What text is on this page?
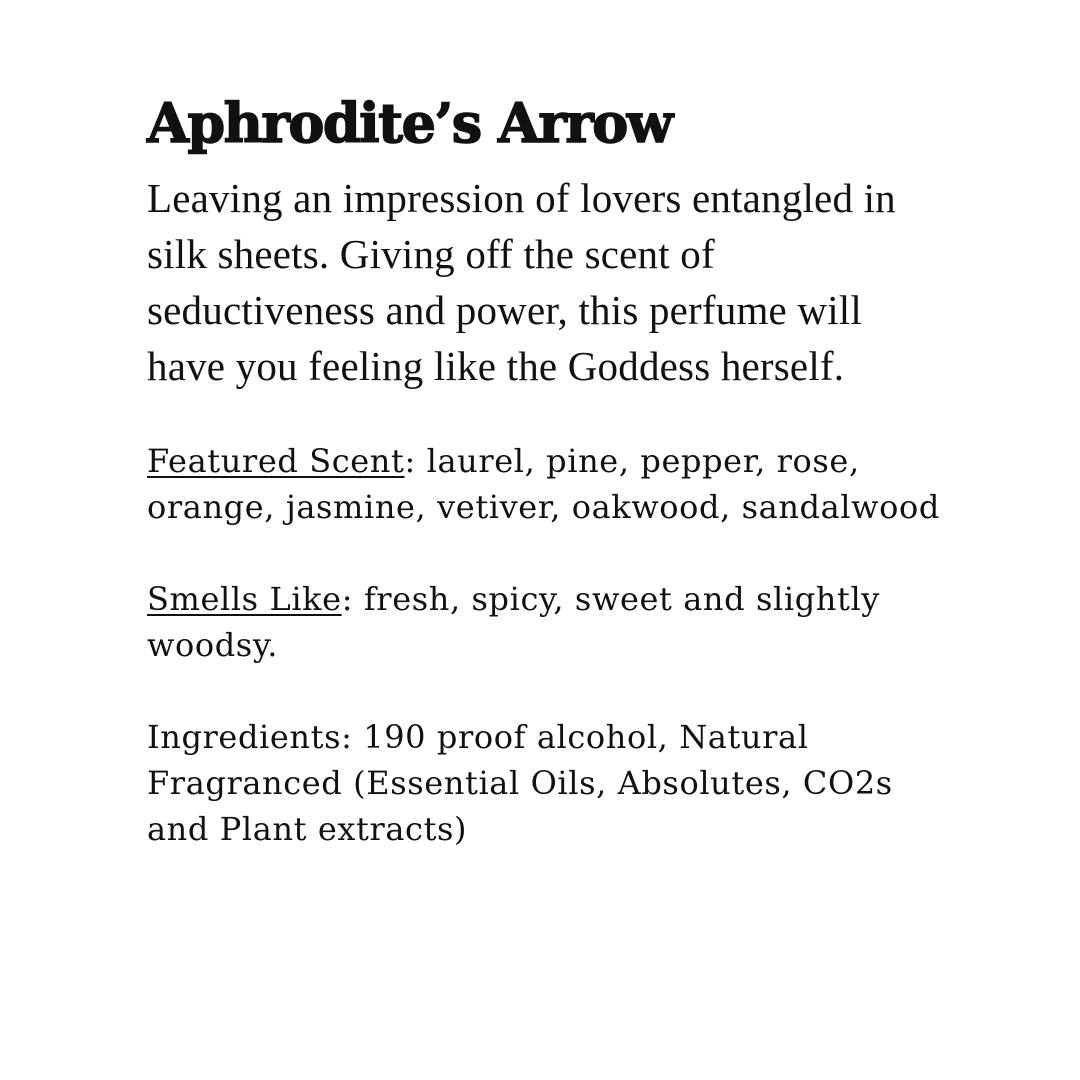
Aphrodite’s Arrow

Leaving an impression of lovers entangled in silk sheets. Giving off the scent of seductiveness and power, this perfume will have you feeling like the Goddess herself.

Featured Scent: laurel, pine, pepper, rose, orange, jasmine, vetiver, oakwood, sandalwood

Smells Like: fresh, spicy, sweet and slightly woodsy.

Ingredients: 190 proof alcohol, Natural Fragranced (Essential Oils, Absolutes, CO2s and Plant extracts)
